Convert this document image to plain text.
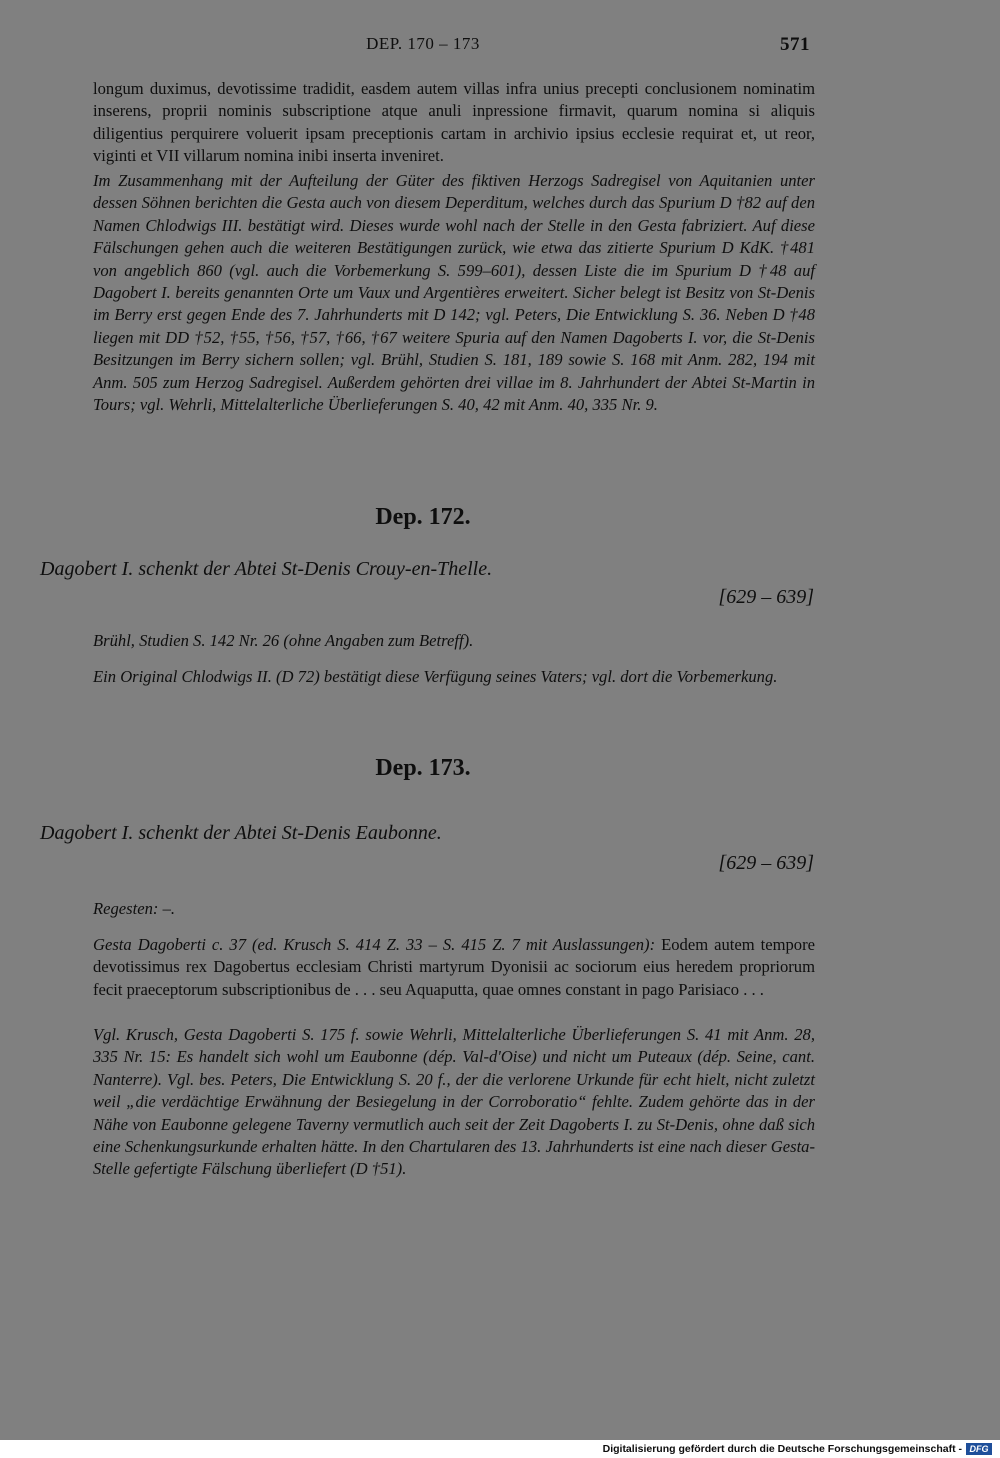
DEP. 170 – 173	571

longum duximus, devotissime tradidit, easdem autem villas infra unius precepti conclusionem nominatim inserens, proprii nominis subscriptione atque anuli inpressione firmavit, quarum nomina si aliquis diligentius perquirere voluerit ipsam preceptionis cartam in archivio ipsius ecclesie requirat et, ut reor, viginti et VII villarum nomina inibi inserta inveniret.

Im Zusammenhang mit der Aufteilung der Güter des fiktiven Herzogs Sadregisel von Aquitanien unter dessen Söhnen berichten die Gesta auch von diesem Deperditum, welches durch das Spurium D †82 auf den Namen Chlodwigs III. bestätigt wird. Dieses wurde wohl nach der Stelle in den Gesta fabriziert. Auf diese Fälschungen gehen auch die weiteren Bestätigungen zurück, wie etwa das zitierte Spurium D KdK. †481 von angeblich 860 (vgl. auch die Vorbemerkung S. 599–601), dessen Liste die im Spurium D †48 auf Dagobert I. bereits genannten Orte um Vaux und Argentières erweitert. Sicher belegt ist Besitz von St-Denis im Berry erst gegen Ende des 7. Jahrhunderts mit D 142; vgl. Peters, Die Entwicklung S. 36. Neben D †48 liegen mit DD †52, †55, †56, †57, †66, †67 weitere Spuria auf den Namen Dagoberts I. vor, die St-Denis Besitzungen im Berry sichern sollen; vgl. Brühl, Studien S. 181, 189 sowie S. 168 mit Anm. 282, 194 mit Anm. 505 zum Herzog Sadregisel. Außerdem gehörten drei villae im 8. Jahrhundert der Abtei St-Martin in Tours; vgl. Wehrli, Mittelalterliche Überlieferungen S. 40, 42 mit Anm. 40, 335 Nr. 9.

Dep. 172.
Dagobert I. schenkt der Abtei St-Denis Crouy-en-Thelle.
[629 – 639]

Brühl, Studien S. 142 Nr. 26 (ohne Angaben zum Betreff).

Ein Original Chlodwigs II. (D 72) bestätigt diese Verfügung seines Vaters; vgl. dort die Vorbemerkung.

Dep. 173.
Dagobert I. schenkt der Abtei St-Denis Eaubonne.
[629 – 639]

Regesten: –.

Gesta Dagoberti c. 37 (ed. Krusch S. 414 Z. 33 – S. 415 Z. 7 mit Auslassungen): Eodem autem tempore devotissimus rex Dagobertus ecclesiam Christi martyrum Dyonisii ac sociorum eius heredem propriorum fecit praeceptorum subscriptionibus de . . . seu Aquaputta, quae omnes constant in pago Parisiaco . . .

Vgl. Krusch, Gesta Dagoberti S. 175 f. sowie Wehrli, Mittelalterliche Überlieferungen S. 41 mit Anm. 28, 335 Nr. 15: Es handelt sich wohl um Eaubonne (dép. Val-d'Oise) und nicht um Puteaux (dép. Seine, cant. Nanterre). Vgl. bes. Peters, Die Entwicklung S. 20 f., der die verlorene Urkunde für echt hielt, nicht zuletzt weil „die verdächtige Erwähnung der Besiegelung in der Corroboratio“ fehlte. Zudem gehörte das in der Nähe von Eaubonne gelegene Taverny vermutlich auch seit der Zeit Dagoberts I. zu St-Denis, ohne daß sich eine Schenkungsurkunde erhalten hätte. In den Chartularen des 13. Jahrhunderts ist eine nach dieser Gesta-Stelle gefertigte Fälschung überliefert (D †51).

Digitalisierung gefördert durch die Deutsche Forschungsgemeinschaft - DFG
